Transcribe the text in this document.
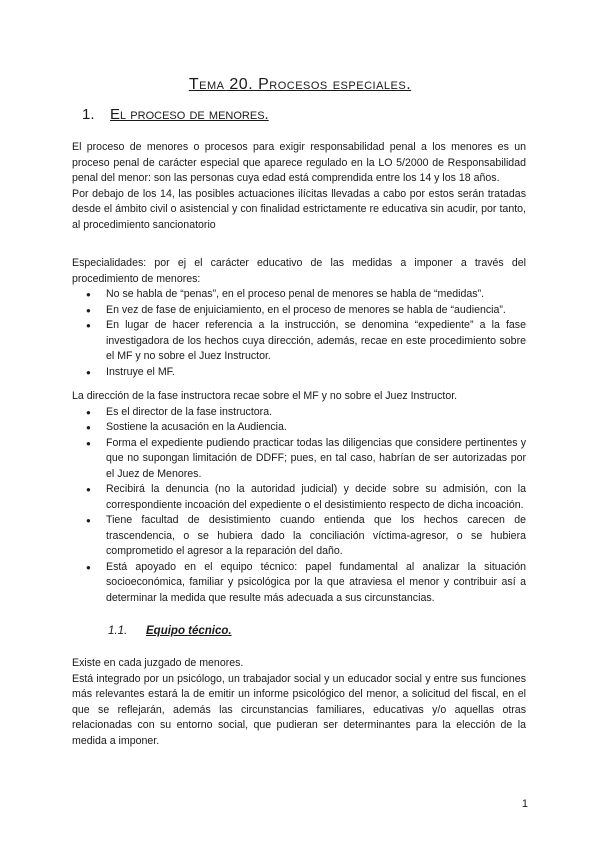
Tema 20. Procesos especiales.
1. El proceso de menores.

El proceso de menores o procesos para exigir responsabilidad penal a los menores es un proceso penal de carácter especial que aparece regulado en la LO 5/2000 de Responsabilidad penal del menor: son las personas cuya edad está comprendida entre los 14 y los 18 años.

Por debajo de los 14, las posibles actuaciones ilícitas llevadas a cabo por estos serán tratadas desde el ámbito civil o asistencial y con finalidad estrictamente re educativa sin acudir, por tanto, al procedimiento sancionatorio

Especialidades: por ej el carácter educativo de las medidas a imponer a través del procedimiento de menores:

● No se habla de “penas”, en el proceso penal de menores se habla de “medidas”.
● En vez de fase de enjuiciamiento, en el proceso de menores se habla de “audiencia”.
● En lugar de hacer referencia a la instrucción, se denomina “expediente” a la fase investigadora de los hechos cuya dirección, además, recae en este procedimiento sobre el MF y no sobre el Juez Instructor.
● Instruye el MF.

La dirección de la fase instructora recae sobre el MF y no sobre el Juez Instructor.

● Es el director de la fase instructora.
● Sostiene la acusación en la Audiencia.
● Forma el expediente pudiendo practicar todas las diligencias que considere pertinentes y que no supongan limitación de DDFF; pues, en tal caso, habrían de ser autorizadas por el Juez de Menores.
● Recibirá la denuncia (no la autoridad judicial) y decide sobre su admisión, con la correspondiente incoación del expediente o el desistimiento respecto de dicha incoación.
● Tiene facultad de desistimiento cuando entienda que los hechos carecen de trascendencia, o se hubiera dado la conciliación víctima-agresor, o se hubiera comprometido el agresor a la reparación del daño.
● Está apoyado en el equipo técnico: papel fundamental al analizar la situación socioeconómica, familiar y psicológica por la que atraviesa el menor y contribuir así a determinar la medida que resulte más adecuada a sus circunstancias.
1.1. Equipo técnico.

Existe en cada juzgado de menores.

Está integrado por un psicólogo, un trabajador social y un educador social y entre sus funciones más relevantes estará la de emitir un informe psicológico del menor, a solicitud del fiscal, en el que se reflejarán, además las circunstancias familiares, educativas y/o aquellas otras relacionadas con su entorno social, que pudieran ser determinantes para la elección de la medida a imponer.

1
